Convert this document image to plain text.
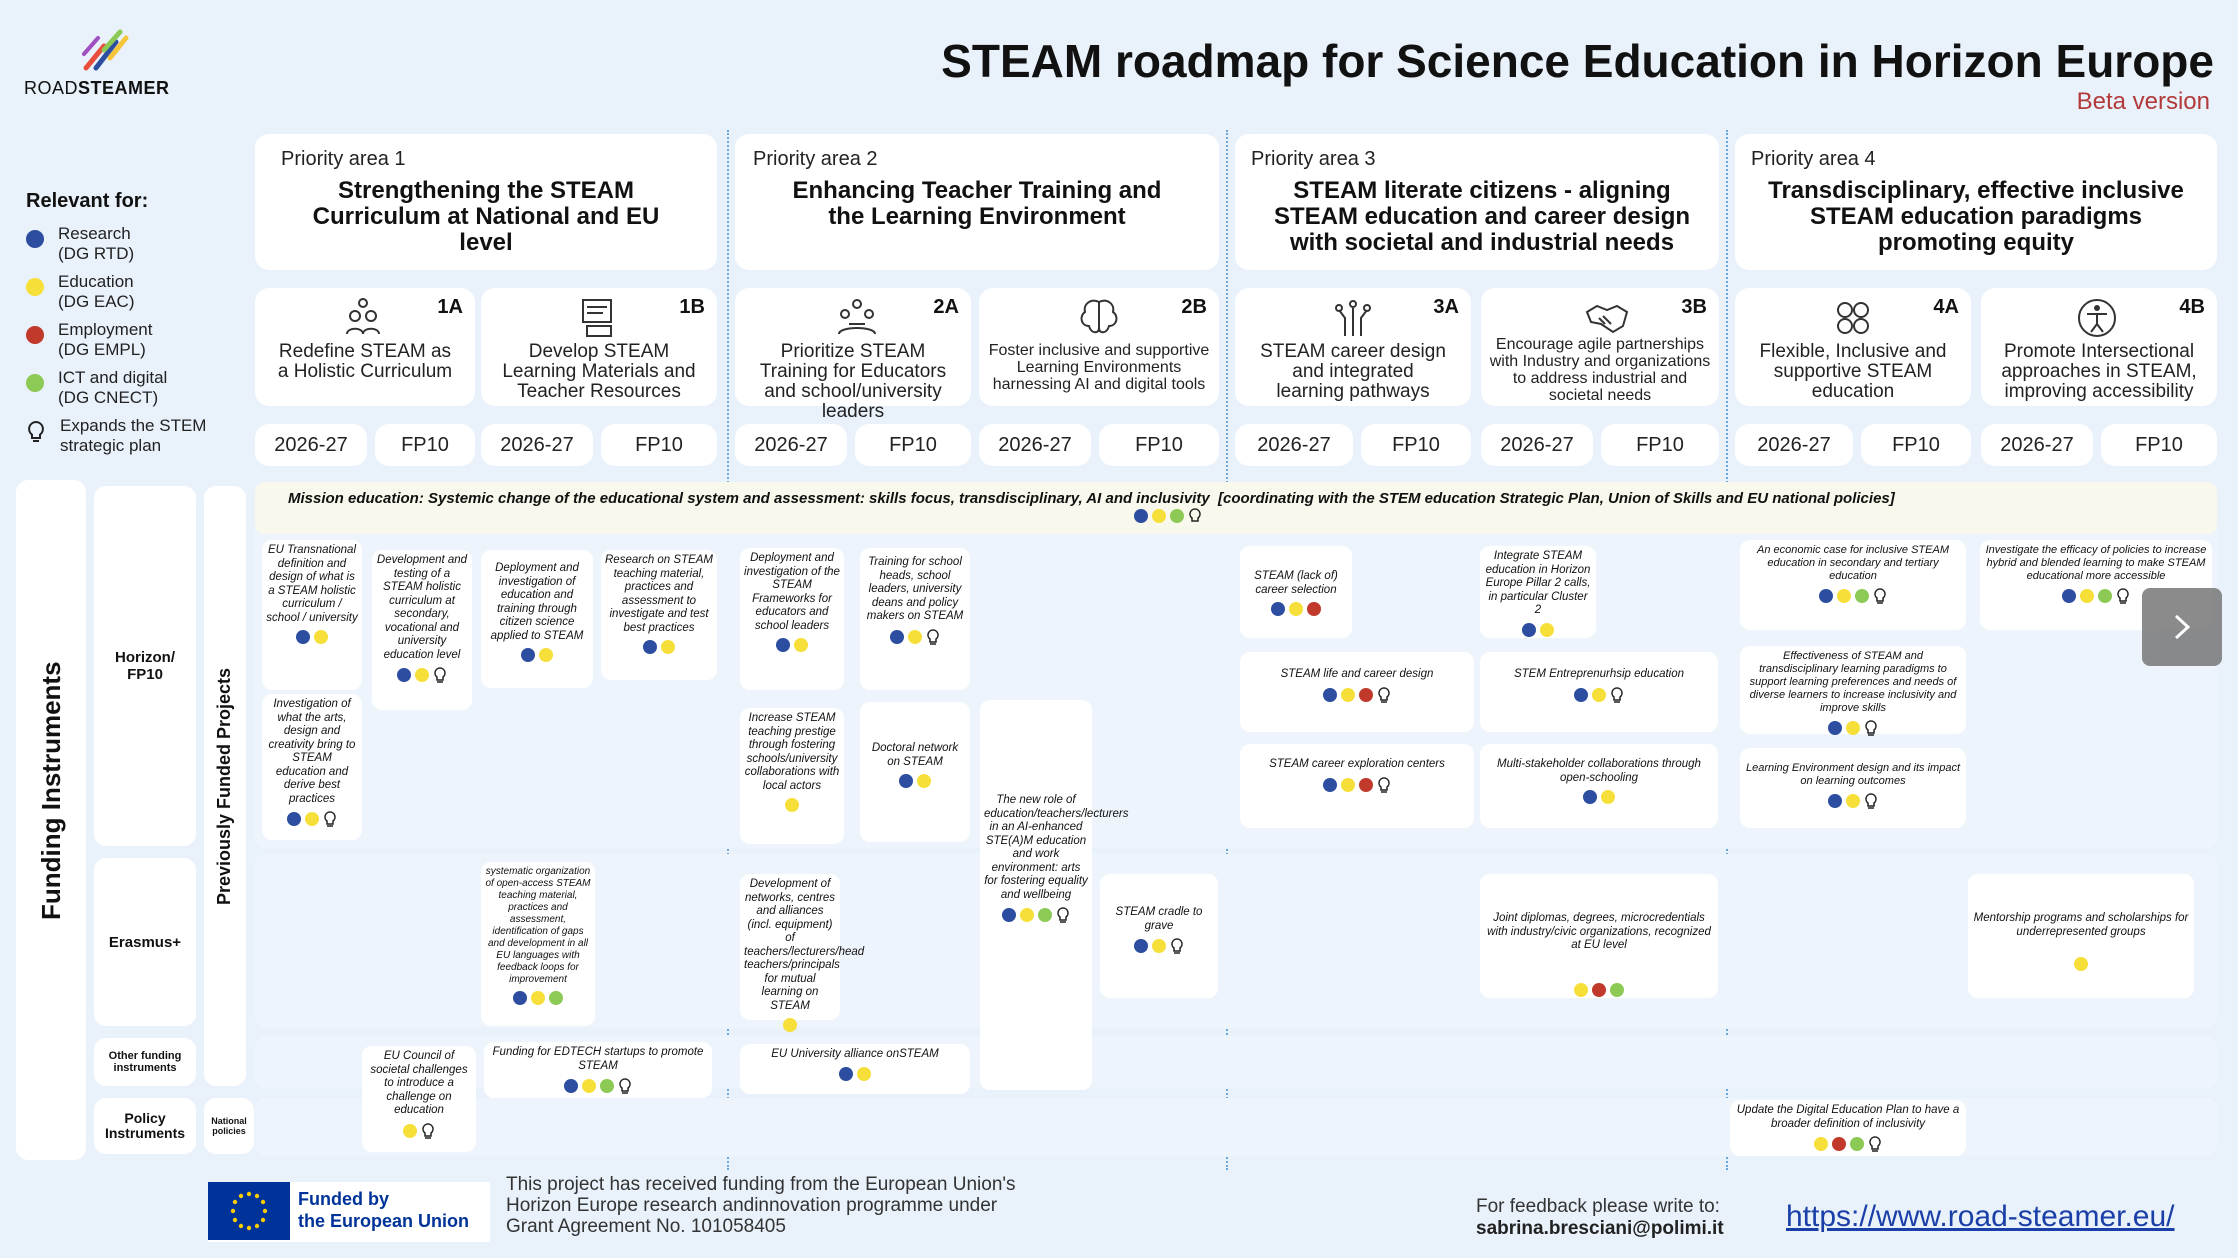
ROADSTEAMER
STEAM roadmap for Science Education in Horizon Europe
Beta version
Relevant for:
Research
(DG RTD)
Education
(DG EAC)
Employment
(DG EMPL)
ICT and digital
(DG CNECT)
Expands the STEM
strategic plan
Priority area 1
Strengthening the STEAM Curriculum at National and EU level
Priority area 2
Enhancing Teacher Training and the Learning Environment
Priority area 3
STEAM literate citizens - aligning STEAM education and career design with societal and industrial needs
Priority area 4
Transdisciplinary, effective inclusive STEAM education paradigms promoting equity
1A
Redefine STEAM as a Holistic Curriculum
1B
Develop STEAM Learning Materials and Teacher Resources
2A
Prioritize STEAM Training for Educators and school/university leaders
2B
Foster inclusive and supportive Learning Environments harnessing AI and digital tools
3A
STEAM career design and integrated learning pathways
3B
Encourage agile partnerships with Industry and organizations to address industrial and societal needs
4A
Flexible, Inclusive and supportive STEAM education
4B
Promote Intersectional approaches in STEAM, improving accessibility
2026-27	FP10	2026-27	FP10	2026-27	FP10	2026-27	FP10	2026-27	FP10	2026-27	FP10	2026-27	FP10	2026-27	FP10
Funding Instruments
Horizon/
FP10
Erasmus+
Other funding instruments
Policy Instruments
Previously Funded Projects
National policies
Mission education: Systemic change of the educational system and assessment: skills focus, transdisciplinary, AI and inclusivity [coordinating with the STEM education Strategic Plan, Union of Skills and EU national policies]
EU Transnational definition and design of what is a STEAM holistic curriculum / school / university
Investigation of what the arts, design and creativity bring to STEAM education and derive best practices
Development and testing of a STEAM holistic curriculum at secondary, vocational and university education level
Deployment and investigation of education and training through citizen science applied to STEAM
Research on STEAM teaching material, practices and assessment to investigate and test best practices
Deployment and investigation of the STEAM Frameworks for educators and school leaders
Training for school heads, school leaders, university deans and policy makers on STEAM
Increase STEAM teaching prestige through fostering schools/university collaborations with local actors
Doctoral network on STEAM
The new role of education/teachers/lecturers in an AI-enhanced STE(A)M education and work environment: arts for fostering equality and wellbeing
STEAM cradle to grave
STEAM (lack of) career selection
Integrate STEAM education in Horizon Europe Pillar 2 calls, in particular Cluster 2
STEAM life and career design	STEM Entreprenurhsip education
STEAM career exploration centers	Multi-stakeholder collaborations through open-schooling
An economic case for inclusive STEAM education in secondary and tertiary education
Investigate the efficacy of policies to increase hybrid and blended learning to make STEAM educational more accessible
Effectiveness of STEAM and transdisciplinary learning paradigms to support learning preferences and needs of diverse learners to increase inclusivity and improve skills
Learning Environment design and its impact on learning outcomes
systematic organization of open-access STEAM teaching material, practices and assessment, identification of gaps and development in all EU languages with feedback loops for improvement
Development of networks, centres and alliances (incl. equipment) of teachers/lecturers/head teachers/principals for mutual learning on STEAM
Joint diplomas, degrees, microcredentials with industry/civic organizations, recognized at EU level
Mentorship programs and scholarships for underrepresented groups
EU Council of societal challenges to introduce a challenge on education
Funding for EDTECH startups to promote STEAM
EU University alliance onSTEAM
Update the Digital Education Plan to have a broader definition of inclusivity
Funded by
the European Union
This project has received funding from the European Union's Horizon Europe research andinnovation programme under Grant Agreement No. 101058405
For feedback please write to:
sabrina.bresciani@polimi.it https://www.road-steamer.eu/
